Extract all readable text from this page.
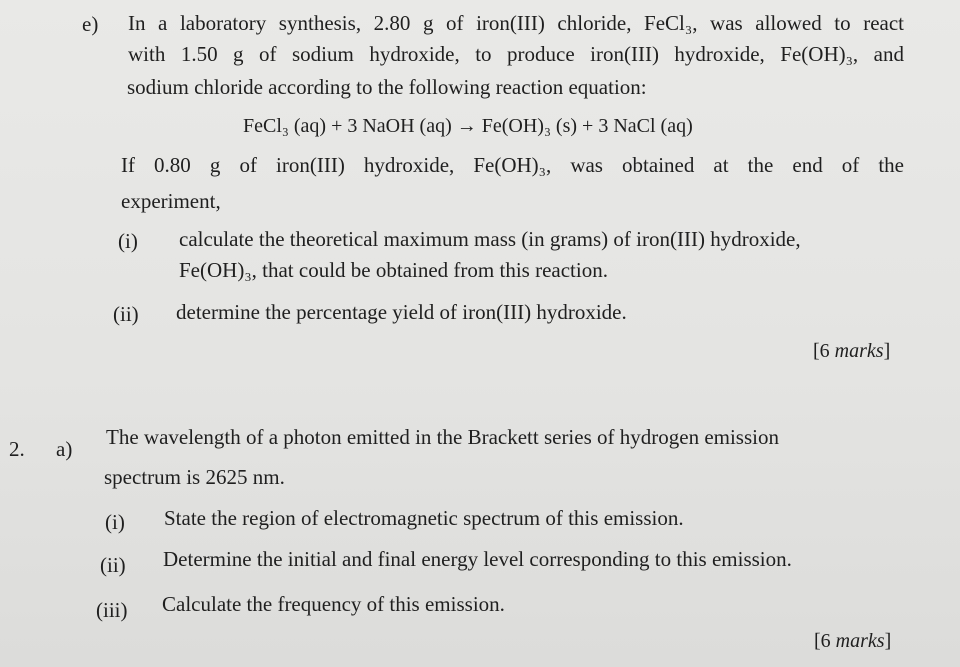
e) In a laboratory synthesis, 2.80 g of iron(III) chloride, FeCl₃, was allowed to react
with 1.50 g of sodium hydroxide, to produce iron(III) hydroxide, Fe(OH)₃, and
sodium chloride according to the following reaction equation:
FeCl₃ (aq) + 3 NaOH (aq) → Fe(OH)₃ (s) + 3 NaCl (aq)
If 0.80 g of iron(III) hydroxide, Fe(OH)₃, was obtained at the end of the
experiment,
(i) calculate the theoretical maximum mass (in grams) of iron(III) hydroxide,
Fe(OH)₃, that could be obtained from this reaction.
(ii) determine the percentage yield of iron(III) hydroxide.
[6 marks]
2. a) The wavelength of a photon emitted in the Brackett series of hydrogen emission
spectrum is 2625 nm.
(i) State the region of electromagnetic spectrum of this emission.
(ii) Determine the initial and final energy level corresponding to this emission.
(iii) Calculate the frequency of this emission.
[6 marks]
